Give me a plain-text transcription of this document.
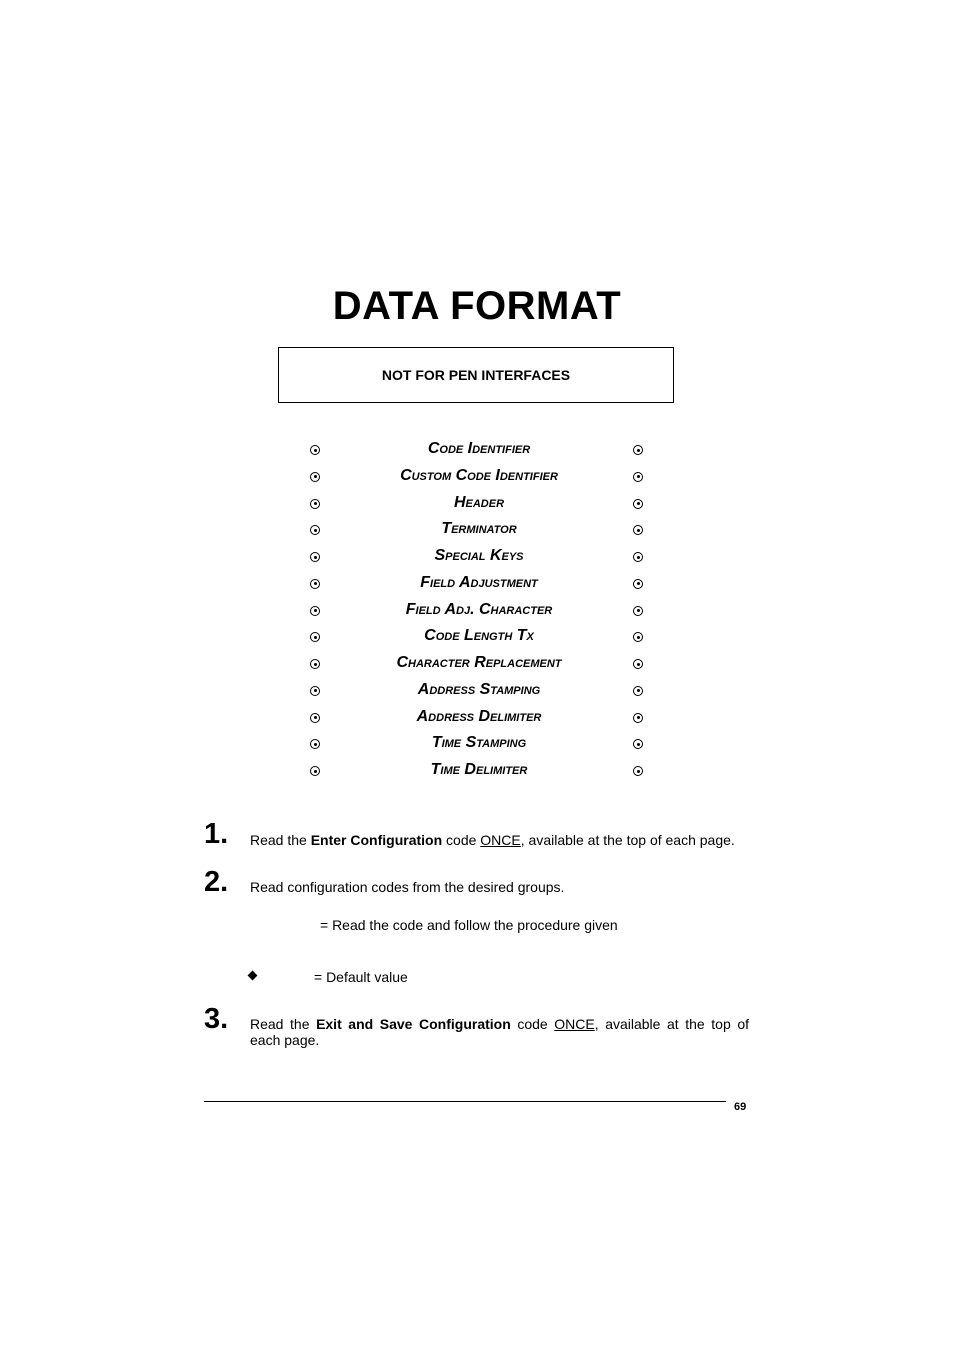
DATA FORMAT
NOT FOR PEN INTERFACES
Code Identifier
Custom Code Identifier
Header
Terminator
Special Keys
Field Adjustment
Field Adj. Character
Code Length Tx
Character Replacement
Address Stamping
Address Delimiter
Time Stamping
Time Delimiter
1. Read the Enter Configuration code ONCE, available at the top of each page.
2. Read configuration codes from the desired groups.
= Read the code and follow the procedure given
= Default value
3. Read the Exit and Save Configuration code ONCE, available at the top of each page.
69
